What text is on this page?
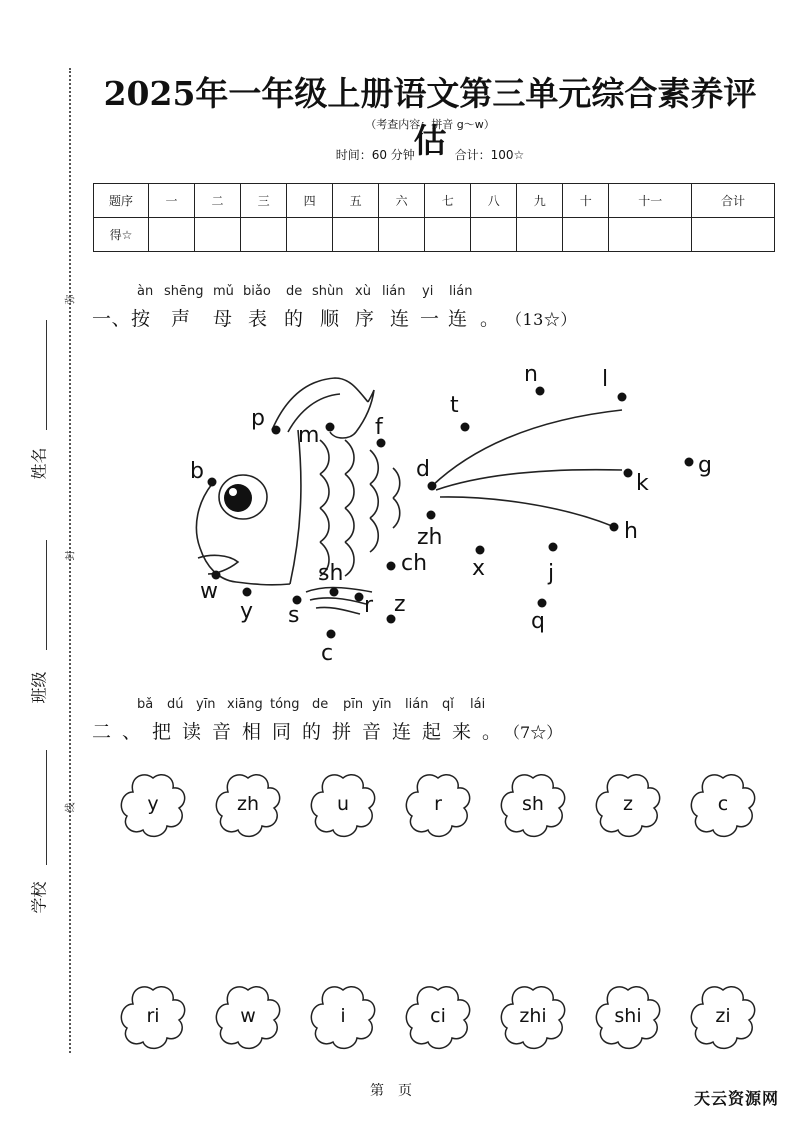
弥
封
线
姓名
班级
学校
2025年一年级上册语文第三单元综合素养评估
（考查内容：拼音 g～w）
时间：60 分钟	合计：100☆
题序	一	二	三	四	五	六	七	八	九	十	十一	合计
得☆												
àn shēng mǔ biǎo de shùn xù lián yi lián
一、按 声 母 表 的 顺 序 连 一 连 。 （13☆）
p
m	f
d
t
n	l
g
k
h
b
zh
ch x	j
q
sh
r z
s
c
w
y
y	zh	u	r	sh	z	c
ri	w	i	ci	zhi	shi	zi
bǎ dú yīn xiāng tóng de pīn yīn lián qǐ lái
二、把读音相同的拼音连起来。（7☆）
第　页	天云资源网
